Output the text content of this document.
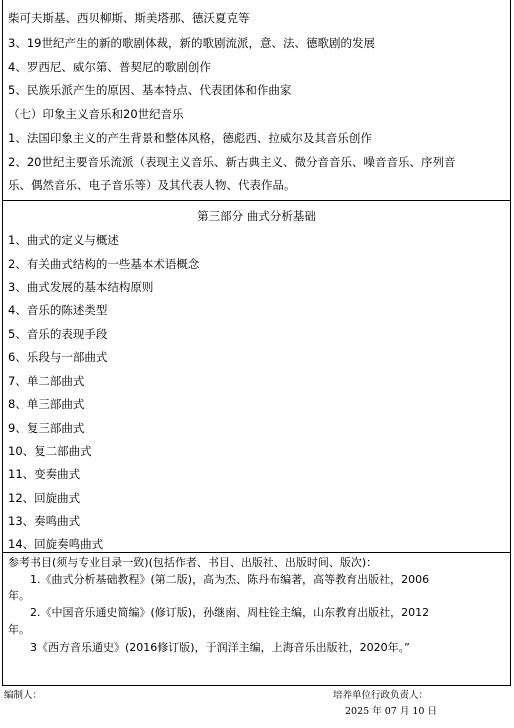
柴可夫斯基、西贝柳斯、斯美塔那、德沃夏克等
3、19世纪产生的新的歌剧体裁，新的歌剧流派，意、法、德歌剧的发展
4、罗西尼、威尔第、普契尼的歌剧创作
5、民族乐派产生的原因、基本特点、代表团体和作曲家
（七）印象主义音乐和20世纪音乐
1、法国印象主义的产生背景和整体风格，德彪西、拉威尔及其音乐创作
2、20世纪主要音乐流派（表现主义音乐、新古典主义、微分音音乐、噪音音乐、序列音
乐、偶然音乐、电子音乐等）及其代表人物、代表作品。
第三部分 曲式分析基础
1、曲式的定义与概述
2、有关曲式结构的一些基本术语概念
3、曲式发展的基本结构原则
4、音乐的陈述类型
5、音乐的表现手段
6、乐段与一部曲式
7、单二部曲式
8、单三部曲式
9、复三部曲式
10、复二部曲式
11、变奏曲式
12、回旋曲式
13、奏鸣曲式
14、回旋奏鸣曲式
参考书目(须与专业目录一致)(包括作者、书目、出版社、出版时间、版次)：
1.《曲式分析基础教程》(第二版)，高为杰、陈丹布编著，高等教育出版社，2006
年。
2.《中国音乐通史简编》(修订版)，孙继南、周柱铨主编，山东教育出版社，2012
年。
3《西方音乐通史》(2016修订版)，于润洋主编，上海音乐出版社，2020年。”
编制人：	培养单位行政负责人：
2025 年 07 月 10 日
